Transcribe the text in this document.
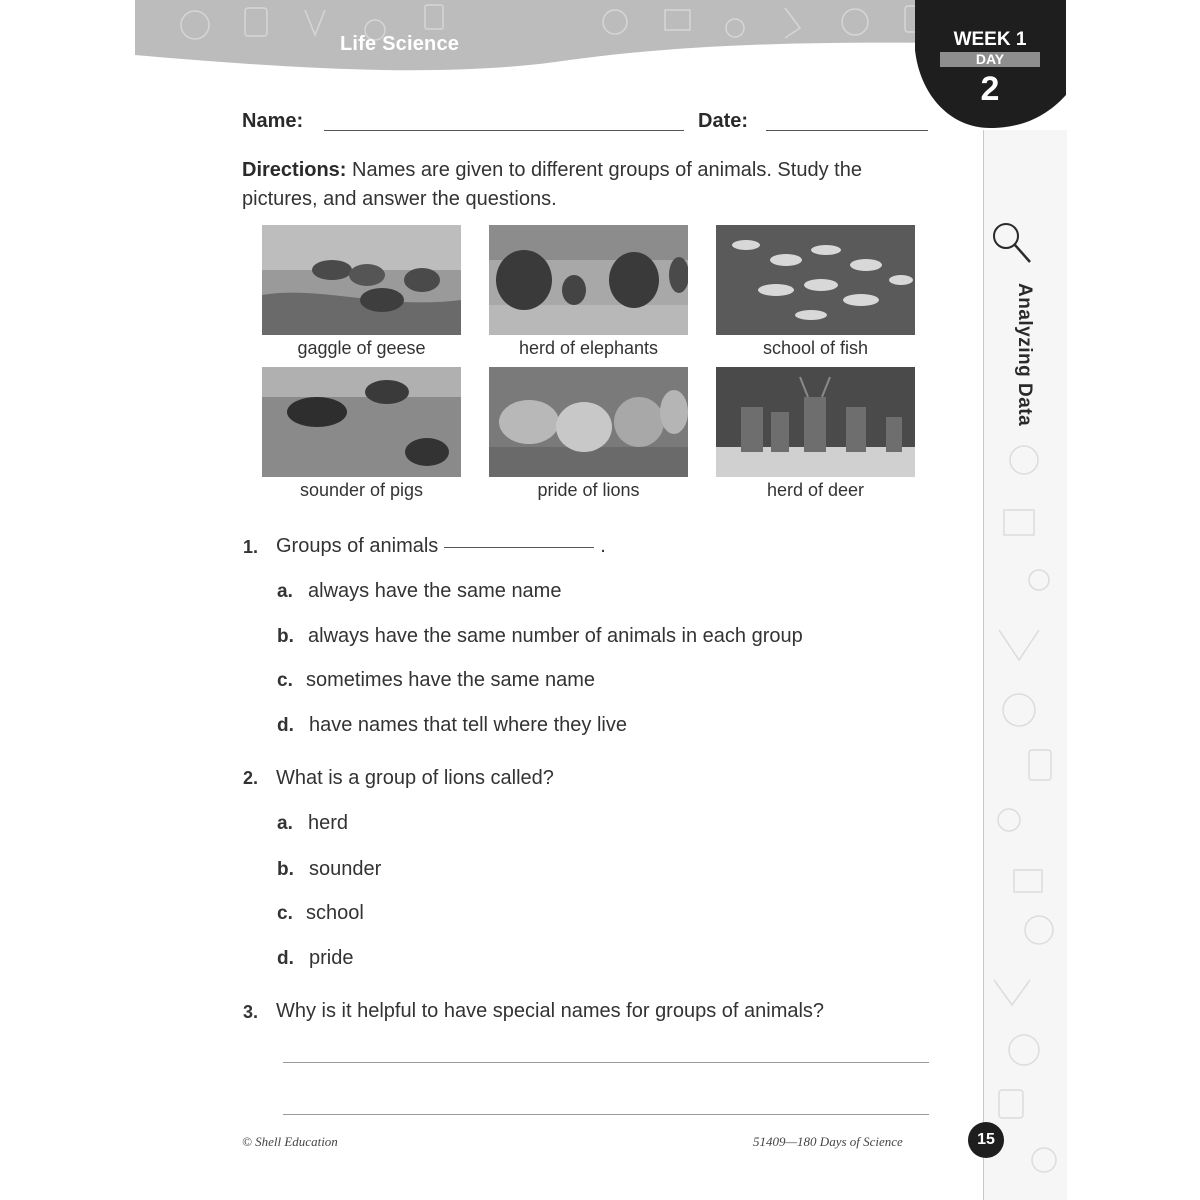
Life Science	WEEK 1
DAY
2
Analyzing Data
Name:	Date:
Directions: Names are given to different groups of animals. Study the pictures, and answer the questions.
gaggle of geese	herd of elephants	school of fish
sounder of pigs	pride of lions	herd of deer
1. Groups of animals	.
a. always have the same name
b. always have the same number of animals in each group
c. sometimes have the same name
d. have names that tell where they live
2. What is a group of lions called?
a. herd
b. sounder
c. school
d. pride
3. Why is it helpful to have special names for groups of animals?
© Shell Education	51409—180 Days of Science	15
